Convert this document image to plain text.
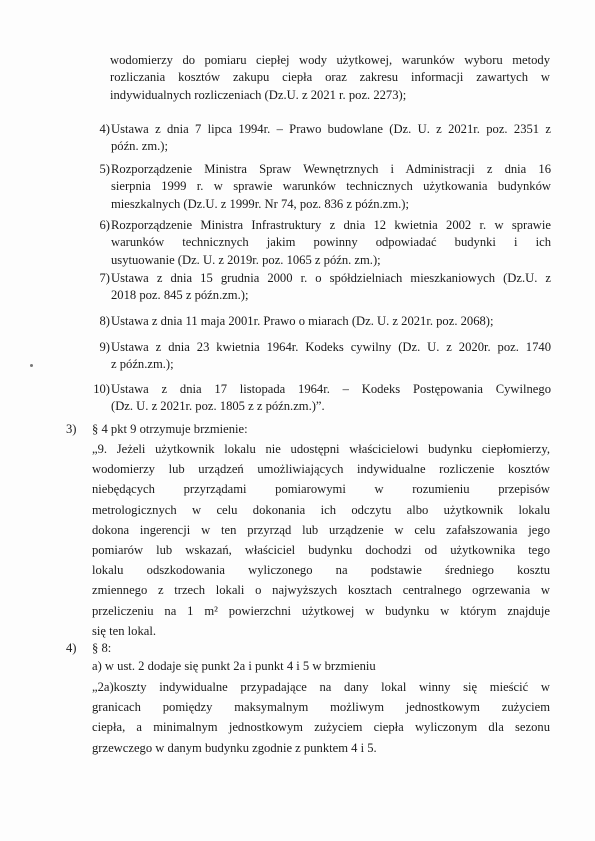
wodomierzy do pomiaru ciepłej wody użytkowej, warunków wyboru metody
rozliczania kosztów zakupu ciepła oraz zakresu informacji zawartych w
indywidualnych rozliczeniach (Dz.U. z 2021 r. poz. 2273);
4) Ustawa z dnia 7 lipca 1994r. – Prawo budowlane (Dz. U. z 2021r. poz. 2351 z
późn. zm.);
5) Rozporządzenie Ministra Spraw Wewnętrznych i Administracji z dnia 16
sierpnia 1999 r. w sprawie warunków technicznych użytkowania budynków
mieszkalnych (Dz.U. z 1999r. Nr 74, poz. 836 z późn.zm.);
6) Rozporządzenie Ministra Infrastruktury z dnia 12 kwietnia 2002 r. w sprawie
warunków technicznych jakim powinny odpowiadać budynki i ich
usytuowanie (Dz. U. z 2019r. poz. 1065 z późn. zm.);
7) Ustawa z dnia 15 grudnia 2000 r. o spółdzielniach mieszkaniowych (Dz.U. z
2018 poz. 845 z późn.zm.);
8) Ustawa z dnia 11 maja 2001r. Prawo o miarach (Dz. U. z 2021r. poz. 2068);
9) Ustawa z dnia 23 kwietnia 1964r. Kodeks cywilny (Dz. U. z 2020r. poz. 1740
z późn.zm.);
10) Ustawa z dnia 17 listopada 1964r. – Kodeks Postępowania Cywilnego
(Dz. U. z 2021r. poz. 1805 z z późn.zm.)”.
3) § 4 pkt 9 otrzymuje brzmienie:
„9. Jeżeli użytkownik lokalu nie udostępni właścicielowi budynku ciepłomierzy,
wodomierzy lub urządzeń umożliwiających indywidualne rozliczenie kosztów
niebędących przyrządami pomiarowymi w rozumieniu przepisów
metrologicznych w celu dokonania ich odczytu albo użytkownik lokalu
dokona ingerencji w ten przyrząd lub urządzenie w celu zafałszowania jego
pomiarów lub wskazań, właściciel budynku dochodzi od użytkownika tego
lokalu odszkodowania wyliczonego na podstawie średniego kosztu
zmiennego z trzech lokali o najwyższych kosztach centralnego ogrzewania w
przeliczeniu na 1 m² powierzchni użytkowej w budynku w którym znajduje
się ten lokal.
4) § 8:
a) w ust. 2 dodaje się punkt 2a i punkt 4 i 5 w brzmieniu
„2a)koszty indywidualne przypadające na dany lokal winny się mieścić w
granicach pomiędzy maksymalnym możliwym jednostkowym zużyciem
ciepła, a minimalnym jednostkowym zużyciem ciepła wyliczonym dla sezonu
grzewczego w danym budynku zgodnie z punktem 4 i 5.
